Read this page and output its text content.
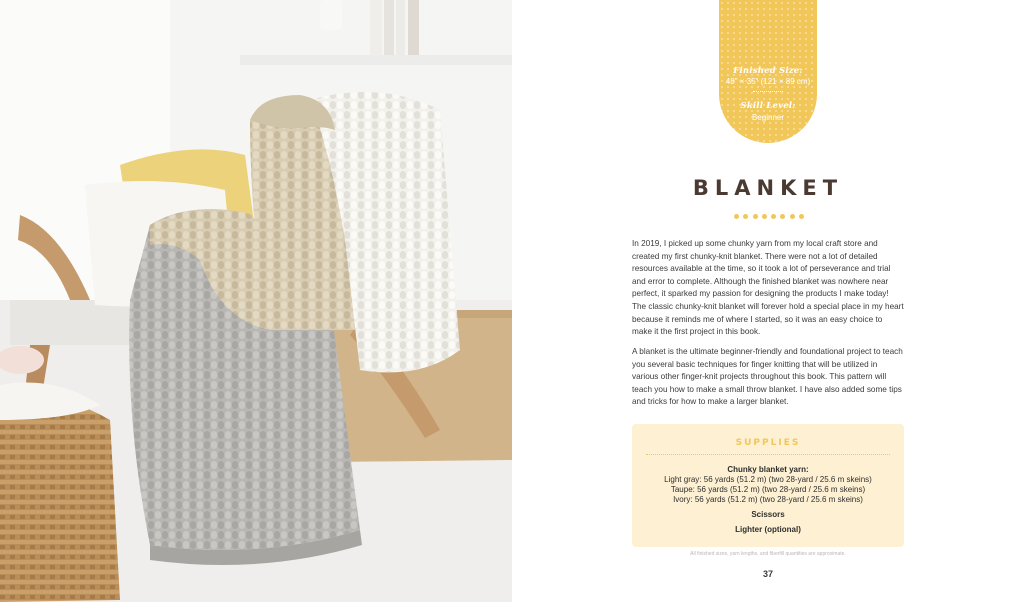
Finished Size:
48" × 35" (121 × 89 cm)
Skill Level:
Beginner
BLANKET

In 2019, I picked up some chunky yarn from my local craft store and created my first chunky-knit blanket. There were not a lot of detailed resources available at the time, so it took a lot of perseverance and trial and error to complete. Although the finished blanket was nowhere near perfect, it sparked my passion for designing the products I make today! The classic chunky-knit blanket will forever hold a special place in my heart because it reminds me of where I started, so it was an easy choice to make it the first project in this book.

A blanket is the ultimate beginner-friendly and foundational project to teach you several basic techniques for finger knitting that will be utilized in various other finger-knit projects throughout this book. This pattern will teach you how to make a small throw blanket. I have also added some tips and tricks for how to make a larger blanket.

SUPPLIES
Chunky blanket yarn:
Light gray: 56 yards (51.2 m) (two 28-yard / 25.6 m skeins)
Taupe: 56 yards (51.2 m) (two 28-yard / 25.6 m skeins)
Ivory: 56 yards (51.2 m) (two 28-yard / 25.6 m skeins)
Scissors
Lighter (optional)
All finished sizes, yarn lengths, and fiberfill quantities are approximate.
37
